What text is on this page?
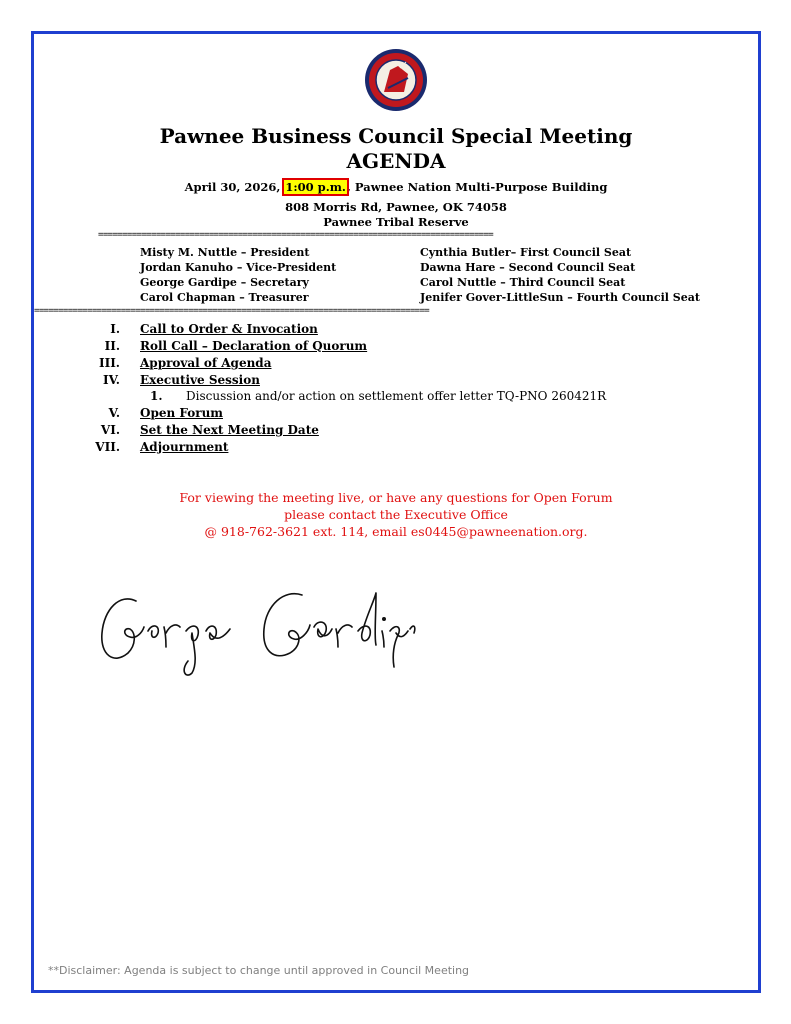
Pawnee Business Council Special Meeting
AGENDA
April 30, 2026, 1:00 p.m., Pawnee Nation Multi-Purpose Building
808 Morris Rd, Pawnee, OK 74058
Pawnee Tribal Reserve
==================================================================================
Misty M. Nuttle – President
Jordan Kanuho – Vice-President
George Gardipe – Secretary
Carol Chapman – Treasurer
Cynthia Butler– First Council Seat
Dawna Hare – Second Council Seat
Carol Nuttle – Third Council Seat
Jenifer Gover-LittleSun – Fourth Council Seat
==================================================================================
I. Call to Order & Invocation
II. Roll Call – Declaration of Quorum
III. Approval of Agenda
IV. Executive Session
1. Discussion and/or action on settlement offer letter TQ-PNO 260421R
V. Open Forum
VI. Set the Next Meeting Date
VII. Adjournment
For viewing the meeting live, or have any questions for Open Forum
please contact the Executive Office
@ 918-762-3621 ext. 114, email es0445@pawneenation.org.
**Disclaimer: Agenda is subject to change until approved in Council Meeting
